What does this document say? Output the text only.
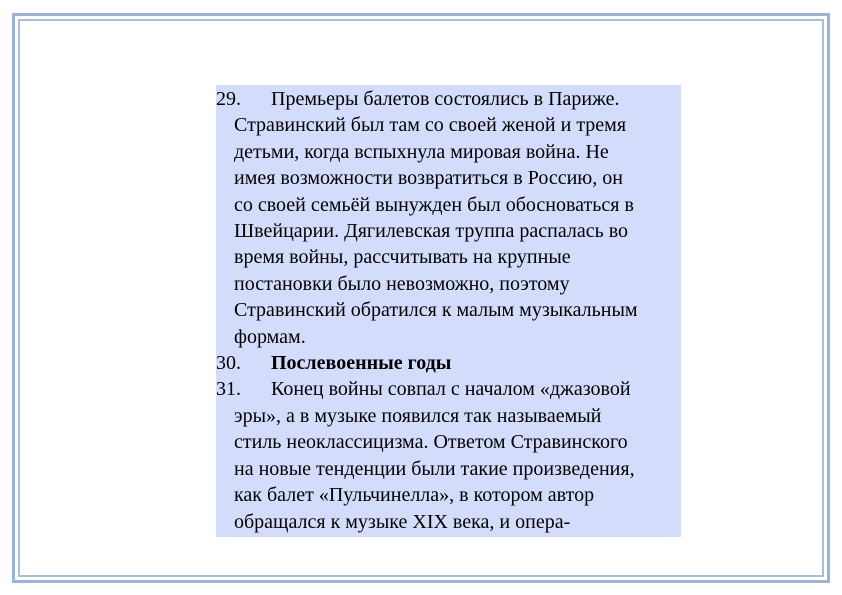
29. Премьеры балетов состоялись в Париже.
Стравинский был там со своей женой и тремя
детьми, когда вспыхнула мировая война. Не
имея возможности возвратиться в Россию, он
со своей семьёй вынужден был обосноваться в
Швейцарии. Дягилевская труппа распалась во
время войны, рассчитывать на крупные
постановки было невозможно, поэтому
Стравинский обратился к малым музыкальным
формам.
30. Послевоенные годы
31. Конец войны совпал с началом «джазовой
эры», а в музыке появился так называемый
стиль неоклассицизма. Ответом Стравинского
на новые тенденции были такие произведения,
как балет «Пульчинелла», в котором автор
обращался к музыке XIX века, и опера-
